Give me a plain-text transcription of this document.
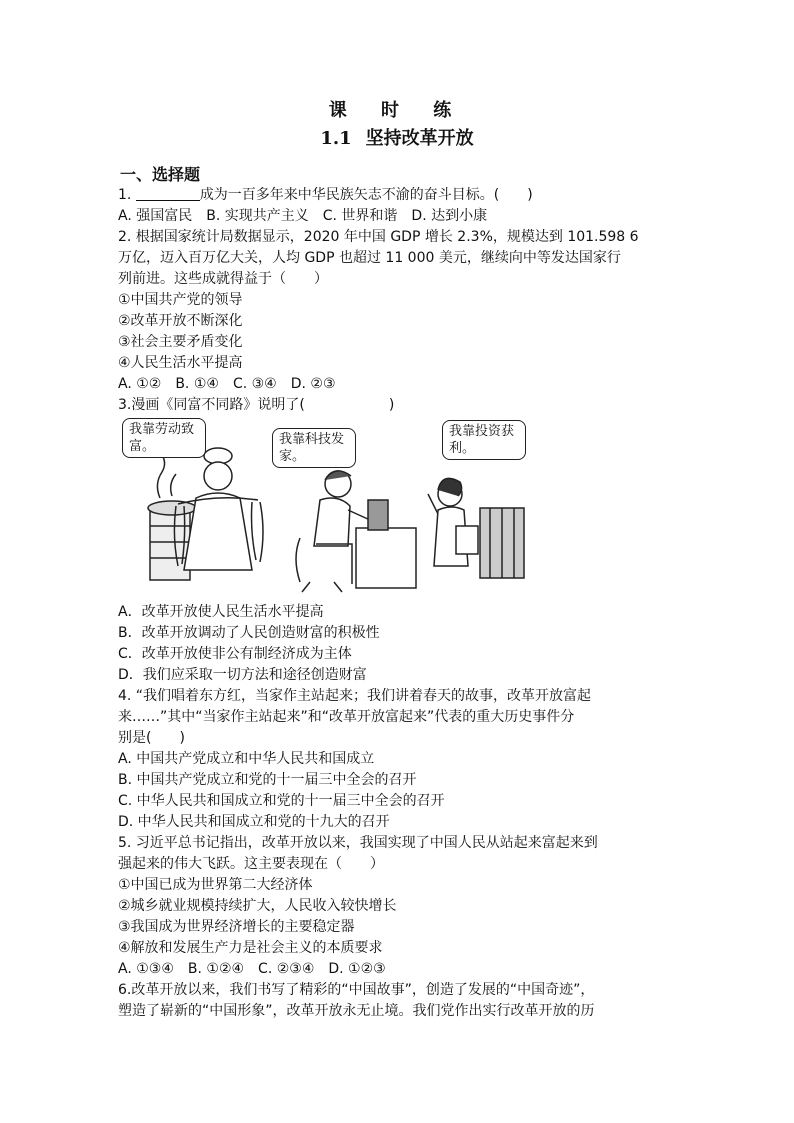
课 时 练
1.1 坚持改革开放
一、选择题
1.	成为一百多年来中华民族矢志不渝的奋斗目标。(　　)
A. 强国富民　B. 实现共产主义　C. 世界和谐　D. 达到小康
2. 根据国家统计局数据显示，2020 年中国 GDP 增长 2.3%，规模达到 101.598 6
万亿，迈入百万亿大关，人均 GDP 也超过 11 000 美元，继续向中等发达国家行
列前进。这些成就得益于（　　）
①中国共产党的领导
②改革开放不断深化
③社会主要矛盾变化
④人民生活水平提高
A. ①②　B. ①④　C. ③④　D. ②③
3.漫画《同富不同路》说明了(　　　　　　)
我靠劳动致富。	我靠科技发家。
我靠投资获利。
A．改革开放使人民生活水平提高
B．改革开放调动了人民创造财富的积极性
C．改革开放使非公有制经济成为主体
D．我们应采取一切方法和途径创造财富
4. “我们唱着东方红，当家作主站起来；我们讲着春天的故事，改革开放富起
来……”其中“当家作主站起来”和“改革开放富起来”代表的重大历史事件分
别是(　　)
A. 中国共产党成立和中华人民共和国成立
B. 中国共产党成立和党的十一届三中全会的召开
C. 中华人民共和国成立和党的十一届三中全会的召开
D. 中华人民共和国成立和党的十九大的召开
5. 习近平总书记指出，改革开放以来，我国实现了中国人民从站起来富起来到
强起来的伟大飞跃。这主要表现在（　　）
①中国已成为世界第二大经济体
②城乡就业规模持续扩大，人民收入较快增长
③我国成为世界经济增长的主要稳定器
④解放和发展生产力是社会主义的本质要求
A. ①③④　B. ①②④　C. ②③④　D. ①②③
6.改革开放以来，我们书写了精彩的“中国故事”，创造了发展的“中国奇迹”，
塑造了崭新的“中国形象”，改革开放永无止境。我们党作出实行改革开放的历
